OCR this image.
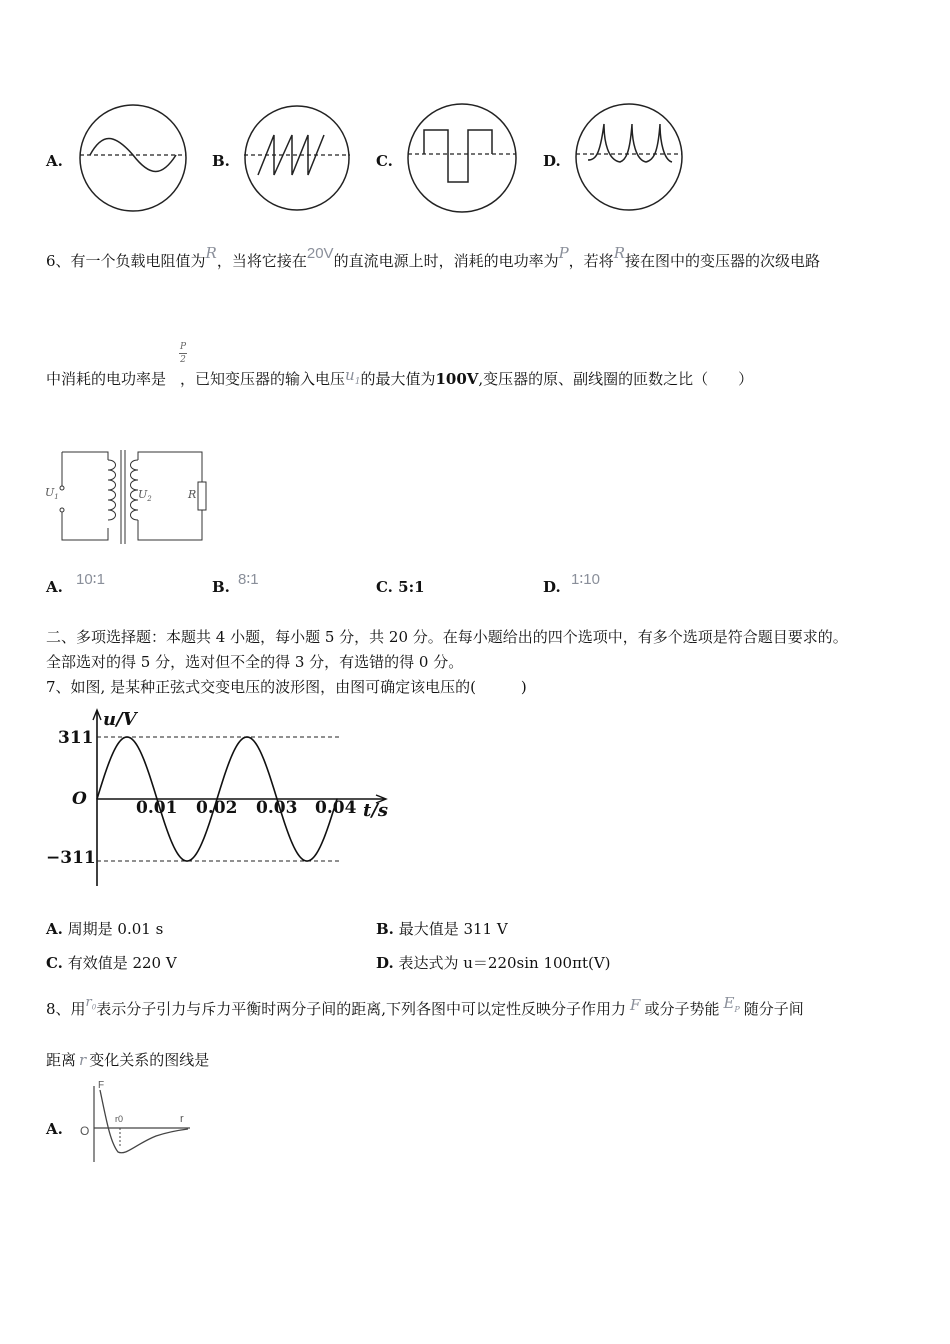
A.	B.	C.	D.
6、有一个负载电阻值为R，当将它接在20V的直流电源上时，消耗的电功率为P，若将R接在图中的变压器的次级电路
P
2
中消耗的电功率是 ，已知变压器的输入电压$u_1$的最大值为100V,变压器的原、副线圈的匝数之比（　　）
$U_1$	$U_2$	R
A. 10∶1	B. 8∶1	C. 5:1	D. 1∶10
二、多项选择题：本题共 4 小题，每小题 5 分，共 20 分。在每小题给出的四个选项中，有多个选项是符合题目要求的。
全部选对的得 5 分，选对但不全的得 3 分，有选错的得 0 分。
7、如图, 是某种正弦式交变电压的波形图，由图可确定该电压的(　　　)
u/V
t/s
O
311
−311
0.01 0.02 0.03 0.04
A. 周期是 0.01 s	B. 最大值是 311 V
C. 有效值是 220 V	D. 表达式为 u＝220sin 100πt(V)
8、用$r_0$表示分子引力与斥力平衡时两分子间的距离,下列各图中可以定性反映分子作用力 F 或分子势能 $E_P$ 随分子间
距离 r 变化关系的图线是
A.
F
O
r0	r
